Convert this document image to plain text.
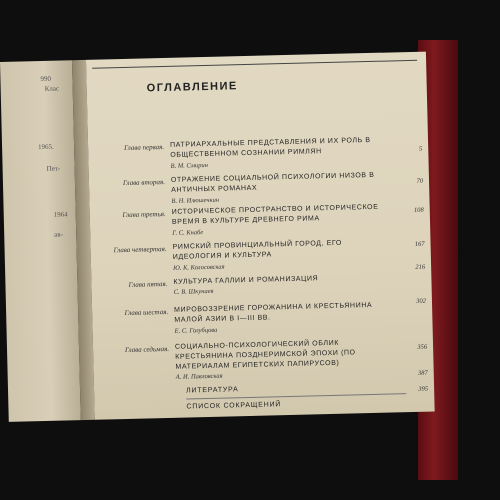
990
Клас
1965.
Пет-
1964
ав-
ОГЛАВЛЕНИЕ
Глава первая. ПАТРИАРХАЛЬНЫЕ ПРЕДСТАВЛЕНИЯ И ИХ РОЛЬ В ОБЩЕСТВЕННОМ СОЗНАНИИ РИМЛЯН
В. М. Смирин
5
Глава вторая. ОТРАЖЕНИЕ СОЦИАЛЬНОЙ ПСИХОЛОГИИ НИЗОВ В АНТИЧНЫХ РОМАНАХ
В. Н. Илюшечкин
70
Глава третья. ИСТОРИЧЕСКОЕ ПРОСТРАНСТВО И ИСТОРИЧЕСКОЕ ВРЕМЯ В КУЛЬТУРЕ ДРЕВНЕГО РИМА
Г. С. Кнабе
108
Глава четвертая. РИМСКИЙ ПРОВИНЦИАЛЬНЫЙ ГОРОД, ЕГО ИДЕОЛОГИЯ И КУЛЬТУРА
Ю. К. Колосовская
167
Глава пятая. КУЛЬТУРА ГАЛЛИИ И РОМАНИЗАЦИЯ
С. В. Шкунаев
216
Глава шестая. МИРОВОЗЗРЕНИЕ ГОРОЖАНИНА И КРЕСТЬЯНИНА МАЛОЙ АЗИИ В I—III ВВ.
Е. С. Голубцова
302
Глава седьмая. СОЦИАЛЬНО-ПСИХОЛОГИЧЕСКИЙ ОБЛИК КРЕСТЬЯНИНА ПОЗДНЕРИМСКОЙ ЭПОХИ (ПО МАТЕРИАЛАМ ЕГИПЕТСКИХ ПАПИРУСОВ)
А. И. Павловская
356
ЛИТЕРАТУРА
387
СПИСОК СОКРАЩЕНИЙ
395
